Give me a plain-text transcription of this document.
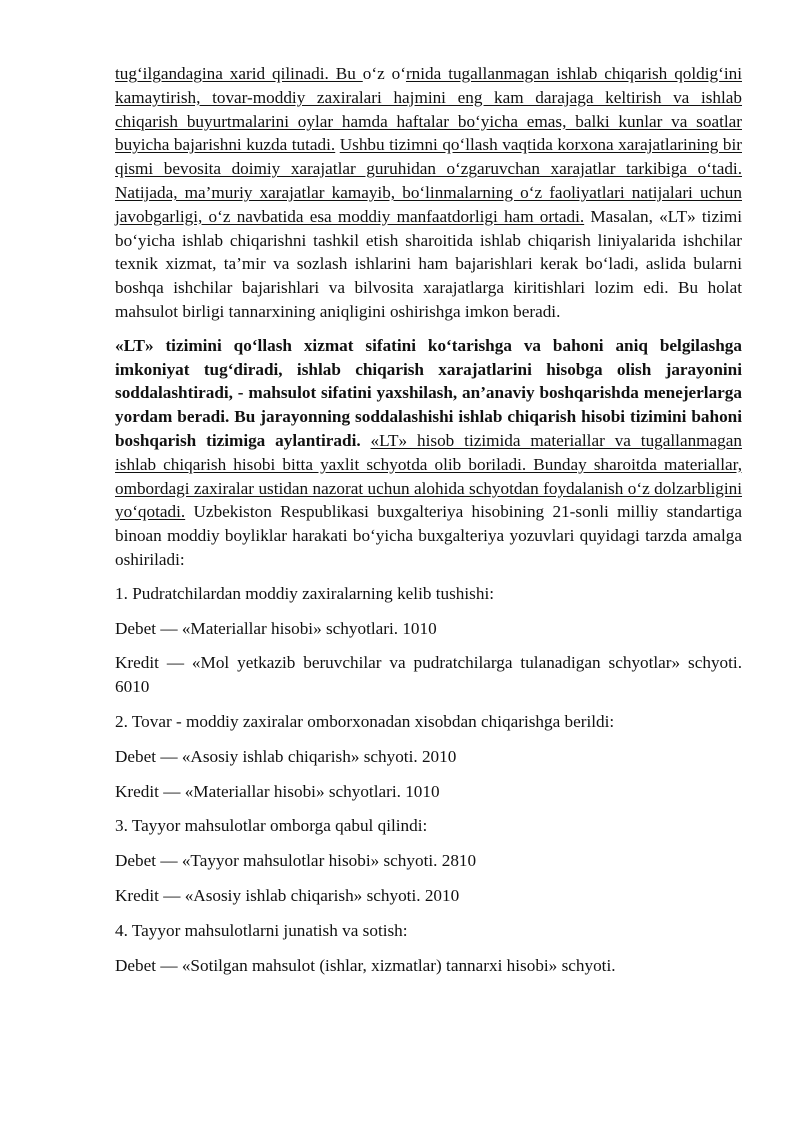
tug‘ilgandagina xarid qilinadi. Bu o‘z o‘rnida tugallanmagan ishlab chiqarish qoldig‘ini kamaytirish, tovar-moddiy zaxiralari hajmini eng kam darajaga keltirish va ishlab chiqarish buyurtmalarini oylar hamda haftalar bo‘yicha emas, balki kunlar va soatlar buyicha bajarishni kuzda tutadi. Ushbu tizimni qo‘llash vaqtida korxona xarajatlarining bir qismi bevosita doimiy xarajatlar guruhidan o‘zgaruvchan xarajatlar tarkibiga o‘tadi. Natijada, ma’muriy xarajatlar kamayib, bo‘linmalarning o‘z faoliyatlari natijalari uchun javobgarligi, o‘z navbatida esa moddiy manfaatdorligi ham ortadi. Masalan, «LT» tizimi bo‘yicha ishlab chiqarishni tashkil etish sharoitida ishlab chiqarish liniyalarida ishchilar texnik xizmat, ta’mir va sozlash ishlarini ham bajarishlari kerak bo‘ladi, aslida bularni boshqa ishchilar bajarishlari va bilvosita xarajatlarga kiritishlari lozim edi. Bu holat mahsulot birligi tannarxining aniqligini oshirishga imkon beradi.

«LT» tizimini qo‘llash xizmat sifatini ko‘tarishga va bahoni aniq belgilashga imkoniyat tug‘diradi, ishlab chiqarish xarajatlarini hisobga olish jarayonini soddalashtiradi, - mahsulot sifatini yaxshilash, an’anaviy boshqarishda menejerlarga yordam beradi. Bu jarayonning soddalashishi ishlab chiqarish hisobi tizimini bahoni boshqarish tizimiga aylantiradi. «LT» hisob tizimida materiallar va tugallanmagan ishlab chiqarish hisobi bitta yaxlit schyotda olib boriladi. Bunday sharoitda materiallar, ombordagi zaxiralar ustidan nazorat uchun alohida schyotdan foydalanish o‘z dolzarbligini yo‘qotadi. Uzbekiston Respublikasi buxgalteriya hisobining 21-sonli milliy standartiga binoan moddiy boyliklar harakati bo‘yicha buxgalteriya yozuvlari quyidagi tarzda amalga oshiriladi:

1. Pudratchilardan moddiy zaxiralarning kelib tushishi:

Debet — «Materiallar hisobi» schyotlari. 1010

Kredit — «Mol yetkazib beruvchilar va pudratchilarga tulanadigan schyotlar» schyoti. 6010

2. Tovar - moddiy zaxiralar omborxonadan xisobdan chiqarishga berildi:

Debet — «Asosiy ishlab chiqarish» schyoti. 2010

Kredit — «Materiallar hisobi» schyotlari. 1010

3. Tayyor mahsulotlar omborga qabul qilindi:

Debet — «Tayyor mahsulotlar hisobi» schyoti. 2810

Kredit — «Asosiy ishlab chiqarish» schyoti. 2010

4. Tayyor mahsulotlarni junatish va sotish:

Debet — «Sotilgan mahsulot (ishlar, xizmatlar) tannarxi hisobi» schyoti.
